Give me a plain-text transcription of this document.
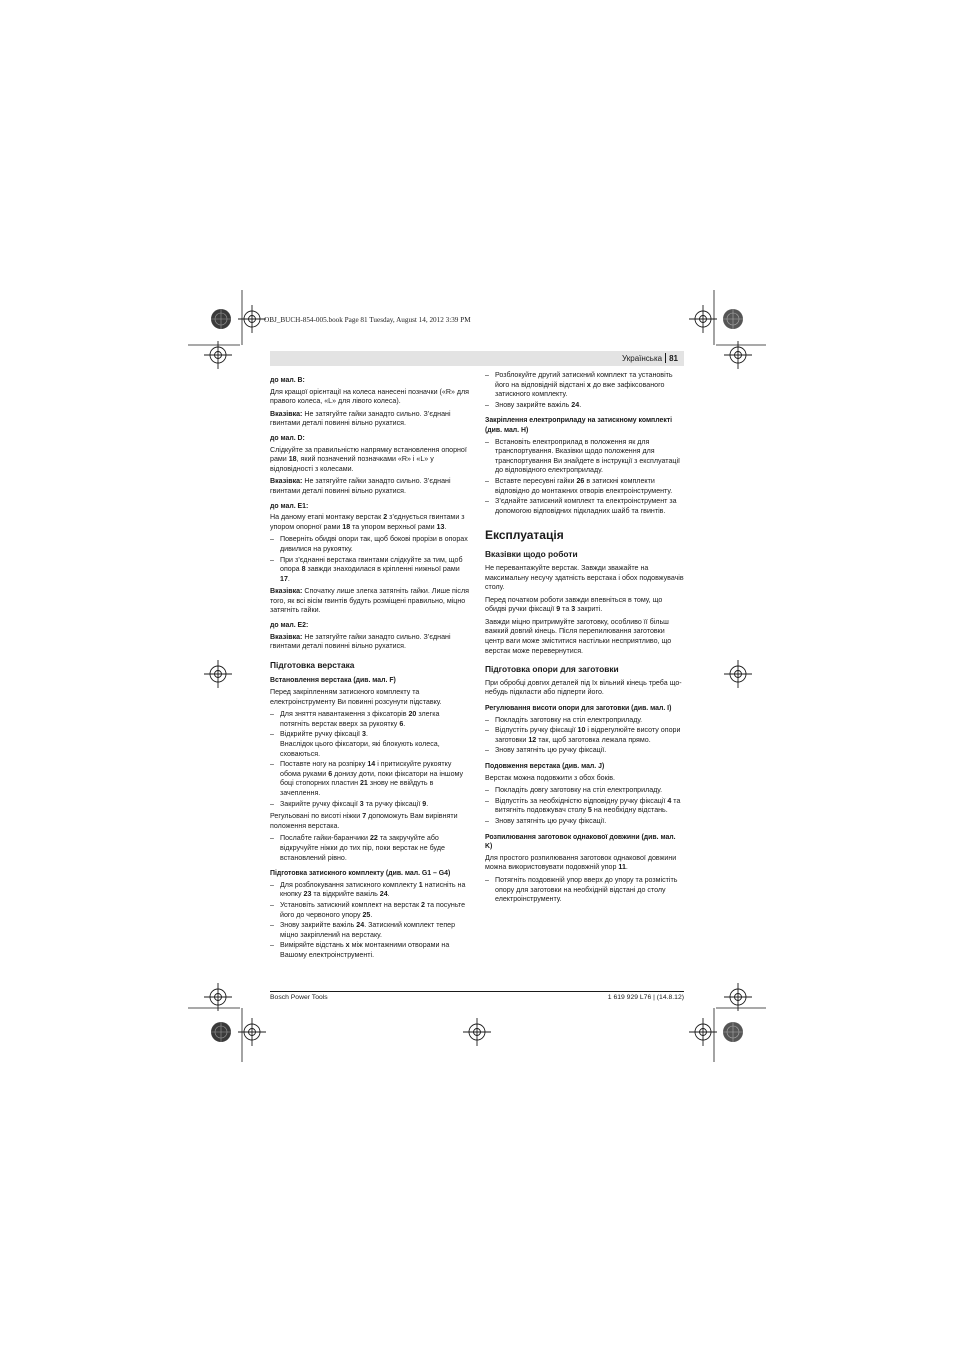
OBJ_BUCH-854-005.book Page 81 Tuesday, August 14, 2012 3:39 PM
Українська 81
до мал. B:

Для кращої орієнтації на колеса нанесені позначки («R» для правого колеса, «L» для лівого колеса).

Вказівка: Не затягуйте гайки занадто сильно. З’єднані гвинтами деталі повинні вільно рухатися.

до мал. D:

Слідкуйте за правильністю напрямку встановлення опорної рами 18, який позначений позначками «R» і «L» у відповідності з колесами.

Вказівка: Не затягуйте гайки занадто сильно. З’єднані гвинтами деталі повинні вільно рухатися.

до мал. E1:

На даному етапі монтажу верстак 2 з’єднується гвинтами з упором опорної рами 18 та упором верхньої рами 13.

– Поверніть обидві опори так, щоб бокові прорізи в опорах дивилися на рукоятку.
– При з’єднанні верстака гвинтами слідкуйте за тим, щоб опора 8 завжди знаходилася в кріпленні нижньої рами 17.

Вказівка: Спочатку лише злегка затягніть гайки. Лише після того, як всі вісім гвинтів будуть розміщені правильно, міцно затягніть гайки.

до мал. E2:

Вказівка: Не затягуйте гайки занадто сильно. З’єднані гвинтами деталі повинні вільно рухатися.

Підготовка верстака
Встановлення верстака (див. мал. F)

Перед закріпленням затискного комплекту та електроінструменту Ви повинні розсунути підставку.

– Для зняття навантаження з фіксаторів 20 злегка потягніть верстак вверх за рукоятку 6.
– Відкрийте ручку фіксації 3.
Внаслідок цього фіксатори, які блокують колеса, сховаються.
– Поставте ногу на розпірку 14 і притискуйте рукоятку обома руками 6 донизу доти, поки фіксатори на іншому боці стопорних пластин 21 знову не ввійдуть в зачеплення.
– Закрийте ручку фіксації 3 та ручку фіксації 9.

Регульовані по висоті ніжки 7 допоможуть Вам вирівняти положення верстака.

– Послабте гайки-баранчики 22 та закручуйте або відкручуйте ніжки до тих пір, поки верстак не буде встановлений рівно.
Підготовка затискного комплекту (див. мал. G1 – G4)
– Для розблокування затискного комплекту 1 натисніть на кнопку 23 та відкрийте важіль 24.
– Установіть затискний комплект на верстак 2 та посуньте його до червоного упору 25.
– Знову закрийте важіль 24. Затискний комплект тепер міцно закріплений на верстаку.
– Виміряйте відстань x між монтажними отворами на Вашому електроінструменті.
– Розблокуйте другий затискний комплект та установіть його на відповідній відстані x до вже зафіксованого затискного комплекту.
– Знову закрийте важіль 24.
Закріплення електроприладу на затискному комплекті (див. мал. H)
– Встановіть електроприлад в положення як для транспортування. Вказівки щодо положення для транспортування Ви знайдете в інструкції з експлуатації до відповідного електроприладу.
– Вставте пересувні гайки 26 в затискні комплекти відповідно до монтажних отворів електроінструменту.
– З’єднайте затискний комплект та електроінструмент за допомогою відповідних підкладних шайб та гвинтів.
Експлуатація
Вказівки щодо роботи

Не перевантажуйте верстак. Завжди зважайте на максимальну несучу здатність верстака і обох подовжувачів столу.

Перед початком роботи завжди впевніться в тому, що обидві ручки фіксації 9 та 3 закриті.

Завжди міцно притримуйте заготовку, особливо її більш важкий довгий кінець. Після перепилювання заготовки центр ваги може зміститися настільки несприятливо, що верстак може перевернутися.

Підготовка опори для заготовки

При обробці довгих деталей під їх вільний кінець треба що-небудь підкласти або підперти його.

Регулювання висоти опори для заготовки (див. мал. I)
– Покладіть заготовку на стіл електроприладу.
– Відпустіть ручку фіксації 10 і відрегулюйте висоту опори заготовки 12 так, щоб заготовка лежала прямо.
– Знову затягніть цю ручку фіксації.
Подовження верстака (див. мал. J)

Верстак можна подовжити з обох боків.

– Покладіть довгу заготовку на стіл електроприладу.
– Відпустіть за необхідністю відповідну ручку фіксації 4 та витягніть подовжувач столу 5 на необхідну відстань.
– Знову затягніть цю ручку фіксації.
Розпилювання заготовок однакової довжини (див. мал. K)

Для простого розпилювання заготовок однакової довжини можна використовувати подовжній упор 11.

– Потягніть поздовжній упор вверх до упору та розмістіть опору для заготовки на необхідній відстані до столу електроінструменту.
Bosch Power Tools	1 619 929 L76 | (14.8.12)
